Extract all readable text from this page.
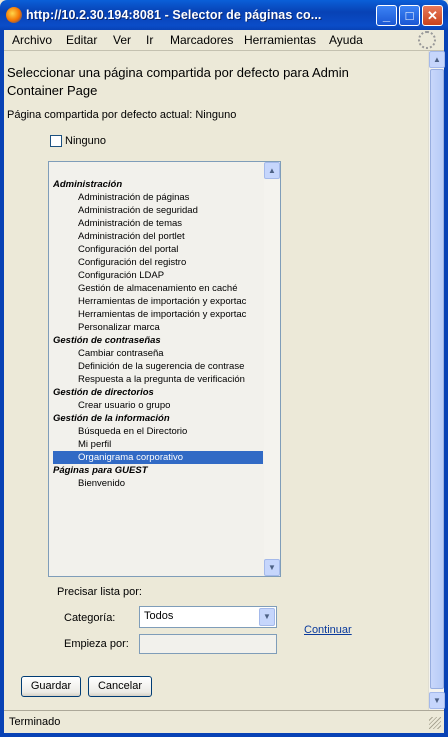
http://10.2.30.194:8081 - Selector de páginas co...	_	□	✕
Archivo Editar Ver Ir Marcadores Herramientas Ayuda
Seleccionar una página compartida por defecto para Admin Container Page
Página compartida por defecto actual: Ninguno
Ninguno
Administración
Administración de páginas
Administración de seguridad
Administración de temas
Administración del portlet
Configuración del portal
Configuración del registro
Configuración LDAP
Gestión de almacenamiento en caché
Herramientas de importación y exportac
Herramientas de importación y exportac
Personalizar marca
Gestión de contraseñas
Cambiar contraseña
Definición de la sugerencia de contrase
Respuesta a la pregunta de verificación
Gestión de directorios
Crear usuario o grupo
Gestión de la información
Búsqueda en el Directorio
Mi perfil
Organigrama corporativo
Páginas para GUEST
Bienvenido
▲
▼
Precisar lista por:
Categoría:	Todos	▼
Continuar
Empieza por:
Guardar	Cancelar
▲
▼
Terminado
